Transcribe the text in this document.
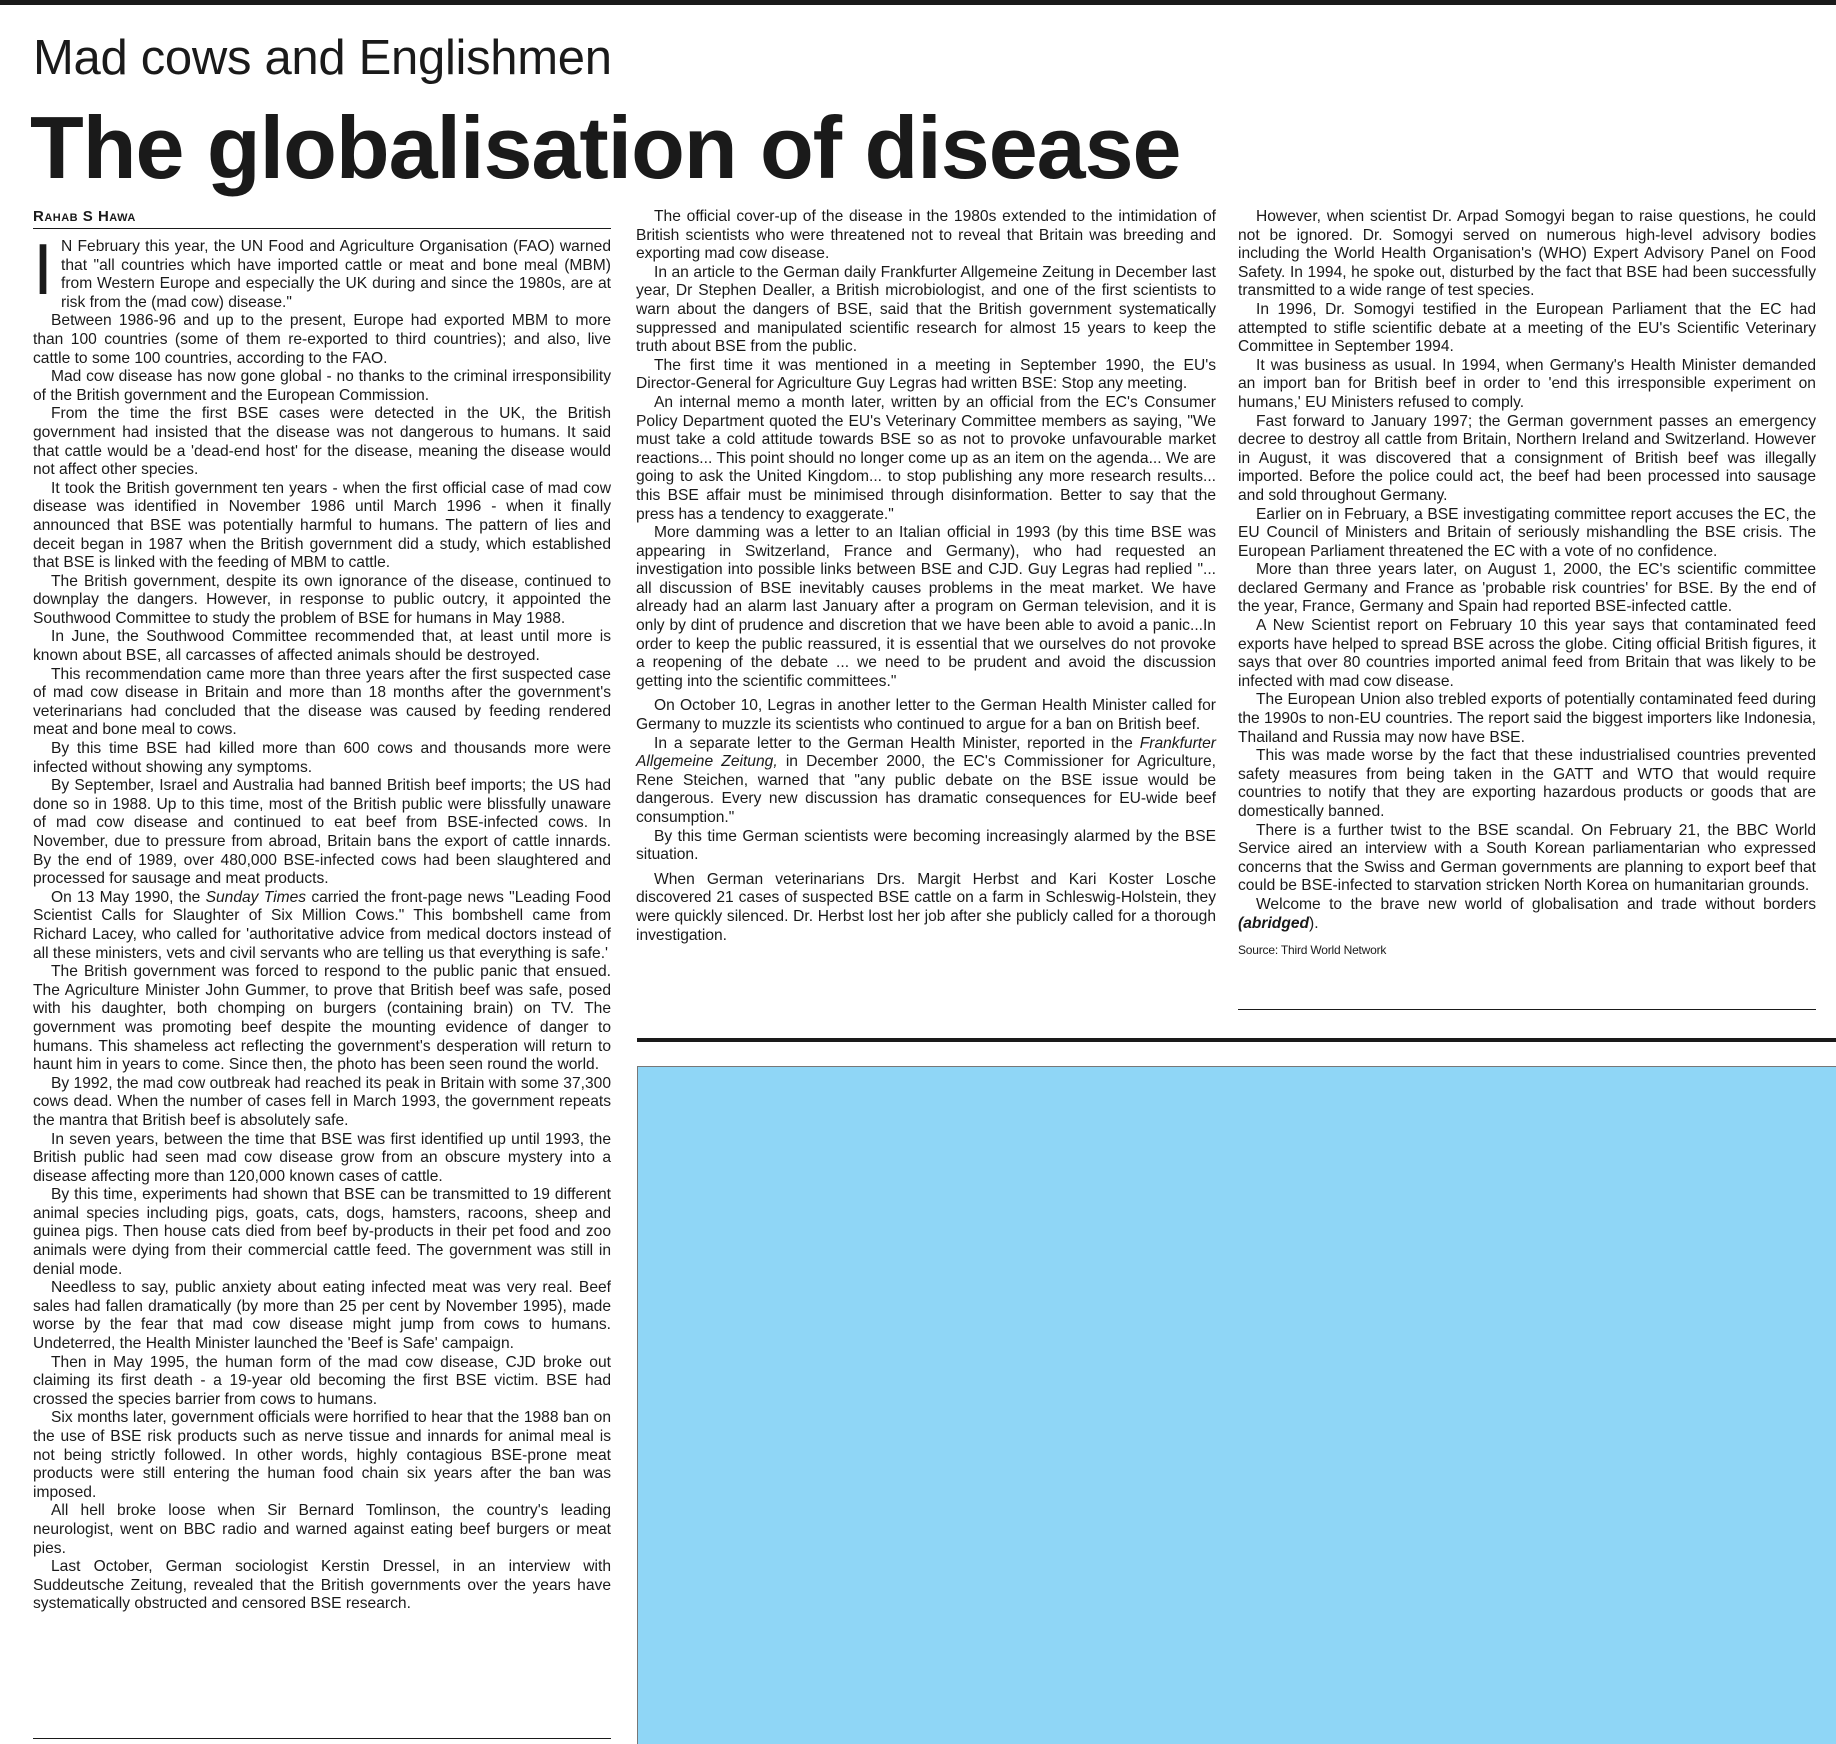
Mad cows and Englishmen
The globalisation of disease
Rahab S Hawa

I N February this year, the UN Food and Agriculture Organisation (FAO) warned that "all countries which have imported cattle or meat and bone meal (MBM) from Western Europe and especially the UK during and since the 1980s, are at risk from the (mad cow) disease."

Between 1986-96 and up to the present, Europe had exported MBM to more than 100 countries (some of them re-exported to third countries); and also, live cattle to some 100 countries, according to the FAO.

Mad cow disease has now gone global - no thanks to the criminal irresponsibility of the British government and the European Commission.

From the time the first BSE cases were detected in the UK, the British government had insisted that the disease was not dangerous to humans. It said that cattle would be a 'dead-end host' for the disease, meaning the disease would not affect other species.

It took the British government ten years - when the first official case of mad cow disease was identified in November 1986 until March 1996 - when it finally announced that BSE was potentially harmful to humans. The pattern of lies and deceit began in 1987 when the British government did a study, which established that BSE is linked with the feeding of MBM to cattle.

The British government, despite its own ignorance of the disease, continued to downplay the dangers. However, in response to public outcry, it appointed the Southwood Committee to study the problem of BSE for humans in May 1988.

In June, the Southwood Committee recommended that, at least until more is known about BSE, all carcasses of affected animals should be destroyed.

This recommendation came more than three years after the first suspected case of mad cow disease in Britain and more than 18 months after the government's veterinarians had concluded that the disease was caused by feeding rendered meat and bone meal to cows.

By this time BSE had killed more than 600 cows and thousands more were infected without showing any symptoms.

By September, Israel and Australia had banned British beef imports; the US had done so in 1988. Up to this time, most of the British public were blissfully unaware of mad cow disease and continued to eat beef from BSE-infected cows. In November, due to pressure from abroad, Britain bans the export of cattle innards. By the end of 1989, over 480,000 BSE-infected cows had been slaughtered and processed for sausage and meat products.

On 13 May 1990, the Sunday Times carried the front-page news "Leading Food Scientist Calls for Slaughter of Six Million Cows." This bombshell came from Richard Lacey, who called for 'authoritative advice from medical doctors instead of all these ministers, vets and civil servants who are telling us that everything is safe.'

The British government was forced to respond to the public panic that ensued. The Agriculture Minister John Gummer, to prove that British beef was safe, posed with his daughter, both chomping on burgers (containing brain) on TV. The government was promoting beef despite the mounting evidence of danger to humans. This shameless act reflecting the government's desperation will return to haunt him in years to come. Since then, the photo has been seen round the world.

By 1992, the mad cow outbreak had reached its peak in Britain with some 37,300 cows dead. When the number of cases fell in March 1993, the government repeats the mantra that British beef is absolutely safe.

In seven years, between the time that BSE was first identified up until 1993, the British public had seen mad cow disease grow from an obscure mystery into a disease affecting more than 120,000 known cases of cattle.

By this time, experiments had shown that BSE can be transmitted to 19 different animal species including pigs, goats, cats, dogs, hamsters, racoons, sheep and guinea pigs. Then house cats died from beef by-products in their pet food and zoo animals were dying from their commercial cattle feed. The government was still in denial mode.

Needless to say, public anxiety about eating infected meat was very real. Beef sales had fallen dramatically (by more than 25 per cent by November 1995), made worse by the fear that mad cow disease might jump from cows to humans. Undeterred, the Health Minister launched the 'Beef is Safe' campaign.

Then in May 1995, the human form of the mad cow disease, CJD broke out claiming its first death - a 19-year old becoming the first BSE victim. BSE had crossed the species barrier from cows to humans.

Six months later, government officials were horrified to hear that the 1988 ban on the use of BSE risk products such as nerve tissue and innards for animal meal is not being strictly followed. In other words, highly contagious BSE-prone meat products were still entering the human food chain six years after the ban was imposed.

All hell broke loose when Sir Bernard Tomlinson, the country's leading neurologist, went on BBC radio and warned against eating beef burgers or meat pies.

Last October, German sociologist Kerstin Dressel, in an interview with Suddeutsche Zeitung, revealed that the British governments over the years have systematically obstructed and censored BSE research.

The official cover-up of the disease in the 1980s extended to the intimidation of British scientists who were threatened not to reveal that Britain was breeding and exporting mad cow disease.

In an article to the German daily Frankfurter Allgemeine Zeitung in December last year, Dr Stephen Dealler, a British microbiologist, and one of the first scientists to warn about the dangers of BSE, said that the British government systematically suppressed and manipulated scientific research for almost 15 years to keep the truth about BSE from the public.

The first time it was mentioned in a meeting in September 1990, the EU's Director-General for Agriculture Guy Legras had written BSE: Stop any meeting.

An internal memo a month later, written by an official from the EC's Consumer Policy Department quoted the EU's Veterinary Committee members as saying, "We must take a cold attitude towards BSE so as not to provoke unfavourable market reactions... This point should no longer come up as an item on the agenda... We are going to ask the United Kingdom... to stop publishing any more research results... this BSE affair must be minimised through disinformation. Better to say that the press has a tendency to exaggerate."

More damming was a letter to an Italian official in 1993 (by this time BSE was appearing in Switzerland, France and Germany), who had requested an investigation into possible links between BSE and CJD. Guy Legras had replied "... all discussion of BSE inevitably causes problems in the meat market. We have already had an alarm last January after a program on German television, and it is only by dint of prudence and discretion that we have been able to avoid a panic...In order to keep the public reassured, it is essential that we ourselves do not provoke a reopening of the debate ... we need to be prudent and avoid the discussion getting into the scientific committees."

On October 10, Legras in another letter to the German Health Minister called for Germany to muzzle its scientists who continued to argue for a ban on British beef.

In a separate letter to the German Health Minister, reported in the Frankfurter Allgemeine Zeitung, in December 2000, the EC's Commissioner for Agriculture, Rene Steichen, warned that "any public debate on the BSE issue would be dangerous. Every new discussion has dramatic consequences for EU-wide beef consumption."

By this time German scientists were becoming increasingly alarmed by the BSE situation.

When German veterinarians Drs. Margit Herbst and Kari Koster Losche discovered 21 cases of suspected BSE cattle on a farm in Schleswig-Holstein, they were quickly silenced. Dr. Herbst lost her job after she publicly called for a thorough investigation.

However, when scientist Dr. Arpad Somogyi began to raise questions, he could not be ignored. Dr. Somogyi served on numerous high-level advisory bodies including the World Health Organisation's (WHO) Expert Advisory Panel on Food Safety. In 1994, he spoke out, disturbed by the fact that BSE had been successfully transmitted to a wide range of test species.

In 1996, Dr. Somogyi testified in the European Parliament that the EC had attempted to stifle scientific debate at a meeting of the EU's Scientific Veterinary Committee in September 1994.

It was business as usual. In 1994, when Germany's Health Minister demanded an import ban for British beef in order to 'end this irresponsible experiment on humans,' EU Ministers refused to comply.

Fast forward to January 1997; the German government passes an emergency decree to destroy all cattle from Britain, Northern Ireland and Switzerland. However in August, it was discovered that a consignment of British beef was illegally imported. Before the police could act, the beef had been processed into sausage and sold throughout Germany.

Earlier on in February, a BSE investigating committee report accuses the EC, the EU Council of Ministers and Britain of seriously mishandling the BSE crisis. The European Parliament threatened the EC with a vote of no confidence.

More than three years later, on August 1, 2000, the EC's scientific committee declared Germany and France as 'probable risk countries' for BSE. By the end of the year, France, Germany and Spain had reported BSE-infected cattle.

A New Scientist report on February 10 this year says that contaminated feed exports have helped to spread BSE across the globe. Citing official British figures, it says that over 80 countries imported animal feed from Britain that was likely to be infected with mad cow disease.

The European Union also trebled exports of potentially contaminated feed during the 1990s to non-EU countries. The report said the biggest importers like Indonesia, Thailand and Russia may now have BSE.

This was made worse by the fact that these industrialised countries prevented safety measures from being taken in the GATT and WTO that would require countries to notify that they are exporting hazardous products or goods that are domestically banned.

There is a further twist to the BSE scandal. On February 21, the BBC World Service aired an interview with a South Korean parliamentarian who expressed concerns that the Swiss and German governments are planning to export beef that could be BSE-infected to starvation stricken North Korea on humanitarian grounds.

Welcome to the brave new world of globalisation and trade without borders (abridged).

Source: Third World Network
